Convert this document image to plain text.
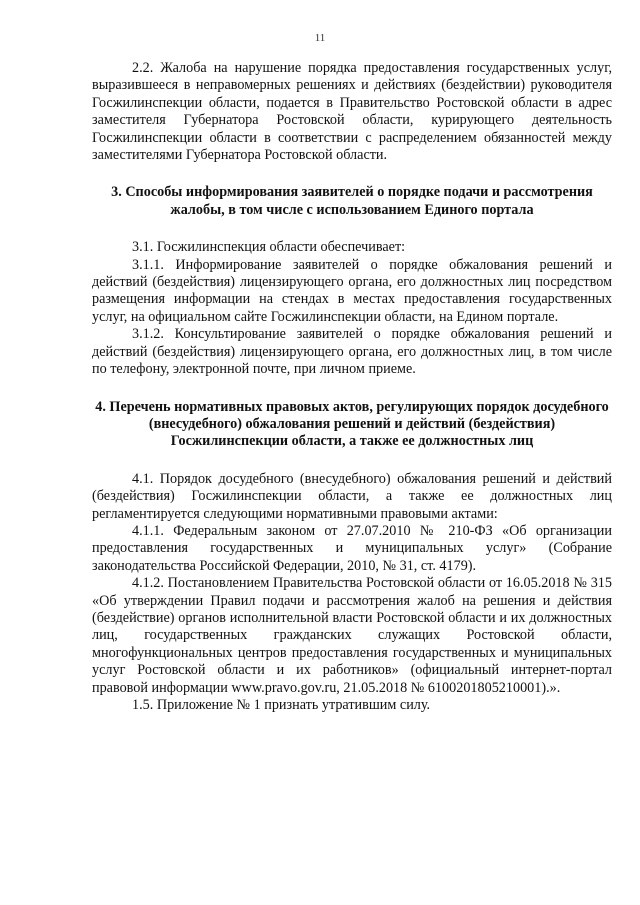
11

2.2. Жалоба на нарушение порядка предоставления государственных услуг, выразившееся в неправомерных решениях и действиях (бездействии) руководителя Госжилинспекции области, подается в Правительство Ростовской области в адрес заместителя Губернатора Ростовской области, курирующего деятельность Госжилинспекции области в соответствии с распределением обязанностей между заместителями Губернатора Ростовской области.

3. Способы информирования заявителей о порядке подачи и рассмотрения жалобы, в том числе с использованием Единого портала

3.1. Госжилинспекция области обеспечивает:

3.1.1. Информирование заявителей о порядке обжалования решений и действий (бездействия) лицензирующего органа, его должностных лиц посредством размещения информации на стендах в местах предоставления государственных услуг, на официальном сайте Госжилинспекции области, на Едином портале.

3.1.2. Консультирование заявителей о порядке обжалования решений и действий (бездействия) лицензирующего органа, его должностных лиц, в том числе по телефону, электронной почте, при личном приеме.

4. Перечень нормативных правовых актов, регулирующих порядок досудебного (внесудебного) обжалования решений и действий (бездействия) Госжилинспекции области, а также ее должностных лиц

4.1. Порядок досудебного (внесудебного) обжалования решений и действий (бездействия) Госжилинспекции области, а также ее должностных лиц регламентируется следующими нормативными правовыми актами:

4.1.1. Федеральным законом от 27.07.2010 № 210-ФЗ «Об организации предоставления государственных и муниципальных услуг» (Собрание законодательства Российской Федерации, 2010, № 31, ст. 4179).

4.1.2. Постановлением Правительства Ростовской области от 16.05.2018 № 315 «Об утверждении Правил подачи и рассмотрения жалоб на решения и действия (бездействие) органов исполнительной власти Ростовской области и их должностных лиц, государственных гражданских служащих Ростовской области, многофункциональных центров предоставления государственных и муниципальных услуг Ростовской области и их работников» (официальный интернет-портал правовой информации www.pravo.gov.ru, 21.05.2018 № 6100201805210001).».

1.5. Приложение № 1 признать утратившим силу.
